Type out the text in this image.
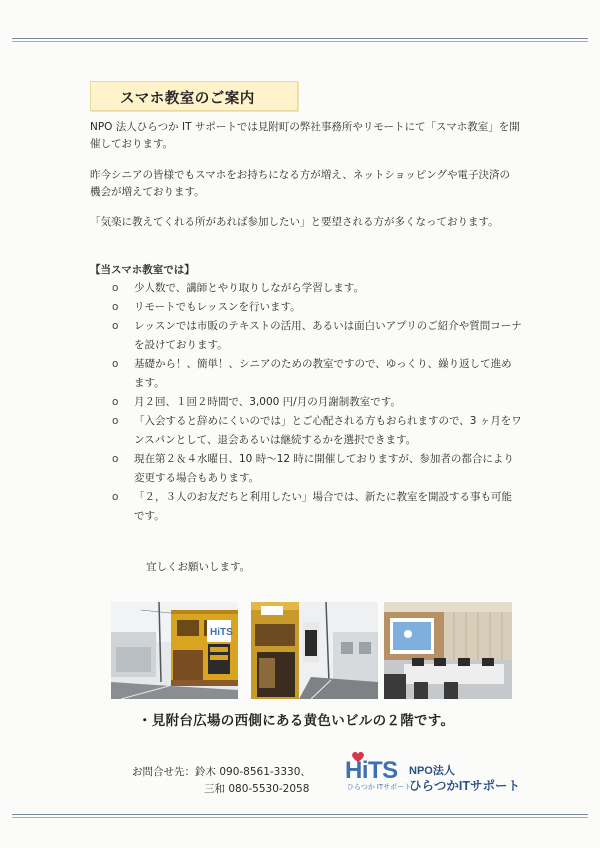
スマホ教室のご案内
NPO 法人ひらつか IT サポートでは見附町の弊社事務所やリモートにて「スマホ教室」を開催しております。
昨今シニアの皆様でもスマホをお持ちになる方が増え、ネットショッピングや電子決済の機会が増えております。
「気楽に教えてくれる所があれば参加したい」と要望される方が多くなっております。
【当スマホ教室では】
o 少人数で、講師とやり取りしながら学習します。
o リモートでもレッスンを行います。
o レッスンでは市販のテキストの活用、あるいは面白いアプリのご紹介や質問コーナを設けております。
o 基礎から！、簡単！、シニアのための教室ですので、ゆっくり、繰り返して進めます。
o 月２回、１回２時間で、3,000 円/月の月謝制教室です。
o 「入会すると辞めにくいのでは」とご心配される方もおられますので、3 ヶ月をワンスパンとして、退会あるいは継続するかを選択できます。
o 現在第２＆４水曜日、10 時～12 時に開催しておりますが、参加者の都合により変更する場合もあります。
o 「２，３人のお友だちと利用したい」場合では、新たに教室を開設する事も可能です。
宜しくお願いします。
HiTS
・見附台広場の西側にある黄色いビルの２階です。
お問合せ先：鈴木 090-8561-3330、
三和 080-5530-2058
HiTS
ひらつか ITサポート
NPO法人
ひらつかITサポート
